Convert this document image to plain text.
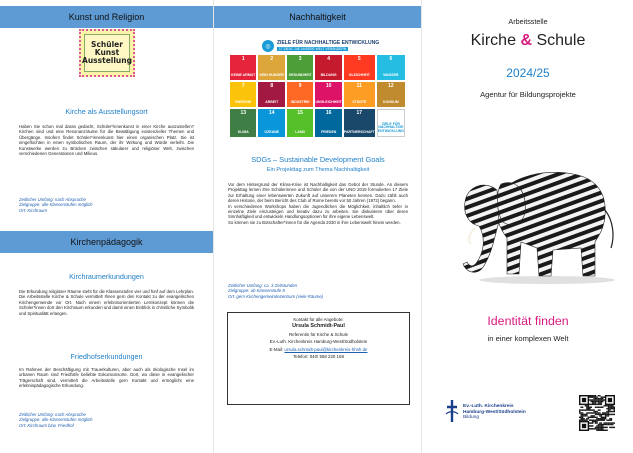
Kunst und Religion
Schüler
Kunst
Ausstellung
Kirche als Ausstellungsort
Haben Sie schon mal daran gedacht, Schüler*innenkunst in einer Kirche auszustellen? Kirchen sind und eine Resonanzräume für die Bewältigung existenzieller Themen und Übergänge. Insofern findet Schüler*innenkunst hier einen organischen Platz. Sie ist eingeflochten in einen symbolischen Raum, der ihr Wirkung und Würde verleiht. Die Kunstwerke werden zu Brücken zwischen säkularer und religiöser Welt, zwischen verschiedenen Generationen und Milieus.
Zeitlicher Umfang: nach Absprache
Zielgruppe: alle Klassenstufen möglich
Ort: Kirchraum
Kirchenpädagogik
Kirchraumerkundungen
Die Erkundung religiöser Räume steht für die Klassenstufen vier und fünf auf dem Lehrplan. Die Arbeitsstelle Kirche & Schule vermittelt Ihnen gern den Kontakt zu der evangelischen Kirchengemeinde vor Ort. Nach einem erlebnisorientierten Lernkonzept können die Schüler*innen dort den Kirchraum erkunden und damit einen Einblick in christliche Symbolik und Spiritualität erlangen.
Friedhofserkundungen
Im Rahmen der Beschäftigung mit Trauerkulturen, aber auch als ökologische Insel im urbanen Raum sind Friedhöfe beliebte Exkursionsorte. Dort, wo diese in evangelischer Trägerschaft sind, vermittelt die Arbeitsstelle gern Kontakt und ermöglicht eine erlebnispädagogische Erkundung.
Zeitlicher Umfang: nach Absprache
Zielgruppe: alle Klassenstufen möglich
Ort: Kirchraum bzw. Friedhof
Nachhaltigkeit
◎
ZIELE FÜR NACHHALTIGE ENTWICKLUNG
17 ZIELE, DIE UNSERE WELT VERÄNDERN
1
KEINE ARMUT
2
KEIN HUNGER
3
GESUNDHEIT
4
BILDUNG
5
GLEICHHEIT
6
WASSER
7
ENERGIE
8
ARBEIT
9
INDUSTRIE
10
UNGLEICHHEIT
11
STÄDTE
12
KONSUM
13
KLIMA
14
OZEANE
15
LAND
16
FRIEDEN
17
PARTNERSCHAFT
ZIELE FÜR NACHHALTIGE ENTWICKLUNG
SDGs – Sustainable Development Goals
Ein Projekttag zum Thema Nachhaltigkeit
Vor dem Hintergrund der Klima-Krise ist Nachhaltigkeit das Gebot der Stunde. An diesem Projekttag lernen Ihre Schülerinnen und Schüler die von der UNO 2015 formulierten 17 Ziele zur Erhaltung einer lebenswerten Zukunft auf unserem Planeten kennen. Dazu zählt auch deren Historie, der beim Bericht des Club of Rome bereits vor 50 Jahren (1972) begann.
In verschiedenen Workshops haben die Jugendlichen die Möglichkeit, inhaltlich tiefer in einzelne Ziele einzusteigen und kreativ dazu zu arbeiten. Sie diskutieren über deren Sinnhaftigkeit und entwickeln Handlungsoptionen für ihre eigene Lebenswelt.
So können sie zu Botschafter*innen für die Agenda 2030 in ihre Lebenswelt hinein werden.
Zeitlicher Umfang: ca. 3 Zeitstunden
Zielgruppe: ab Klassenstufe 8
Ort: gern Kirchengemeindezentrum (viele Räume)
Kontakt für alle Angebote:
Ursula Schmidt-Paul
Referentin für Kirche & Schule
Ev.-Luth. Kirchenkreis Hamburg-West/Südholstein
E-Mail: ursula.schmidt-paul@kirchenkreis-hhsh.de
Telefon: 040/ 558 220 158
Arbeitsstelle
Kirche & Schule
2024/25
Agentur für Bildungsprojekte
Identität finden
in einer komplexen Welt
Ev.-Luth. Kirchenkreis
Hamburg-West/Südholstein
Bildung
